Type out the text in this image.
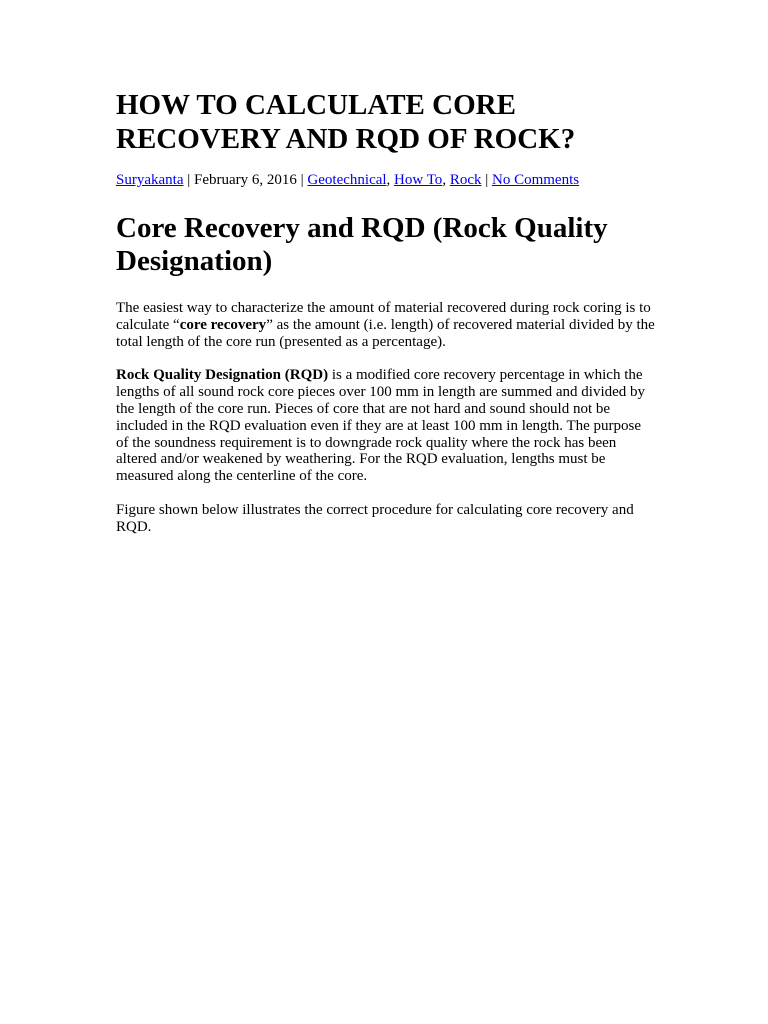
HOW TO CALCULATE CORE RECOVERY AND RQD OF ROCK?
Suryakanta | February 6, 2016 | Geotechnical, How To, Rock | No Comments
Core Recovery and RQD (Rock Quality Designation)

The easiest way to characterize the amount of material recovered during rock coring is to calculate “core recovery” as the amount (i.e. length) of recovered material divided by the total length of the core run (presented as a percentage).

Rock Quality Designation (RQD) is a modified core recovery percentage in which the lengths of all sound rock core pieces over 100 mm in length are summed and divided by the length of the core run. Pieces of core that are not hard and sound should not be included in the RQD evaluation even if they are at least 100 mm in length. The purpose of the soundness requirement is to downgrade rock quality where the rock has been altered and/or weakened by weathering. For the RQD evaluation, lengths must be measured along the centerline of the core.

Figure shown below illustrates the correct procedure for calculating core recovery and RQD.
